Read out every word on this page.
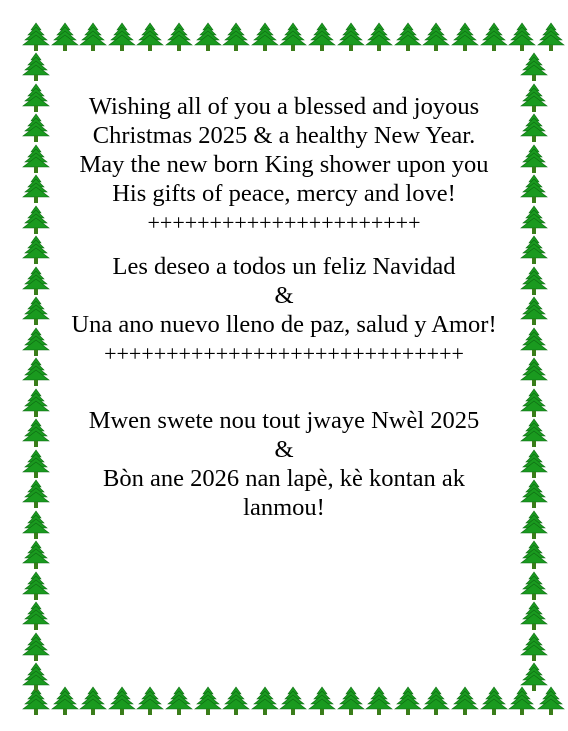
Wishing all of you a blessed and joyous

Christmas 2025 & a healthy New Year.

May the new born King shower upon you

His gifts of peace, mercy and love!

++++++++++++++++++++++

Les deseo a todos un feliz Navidad

&

Una ano nuevo lleno de paz, salud y Amor!

+++++++++++++++++++++++++++++

Mwen swete nou tout jwaye Nwèl 2025

&

Bòn ane 2026 nan lapè, kè kontan ak

lanmou!
